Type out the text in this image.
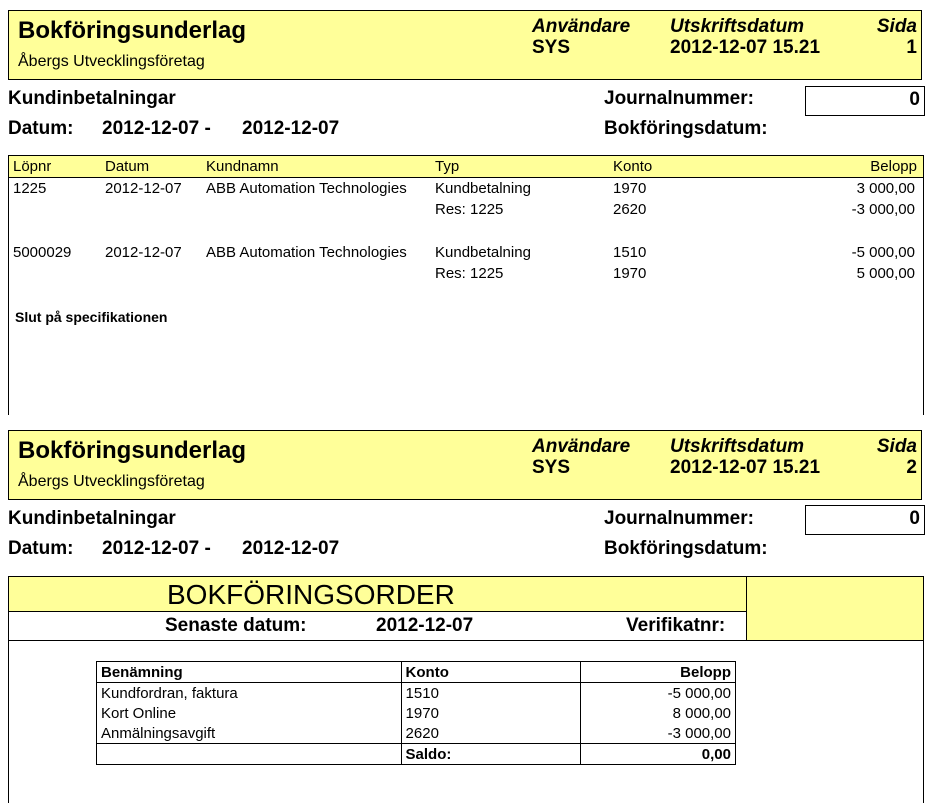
Bokföringsunderlag
Åbergs Utvecklingsföretag
Användare
SYS
Utskriftsdatum
2012-12-07 15.21
Sida
1
Kundinbetalningar	Journalnummer:	0
Datum: 2012-12-07 - 2012-12-07	Bokföringsdatum:
Löpnr	Datum	Kundnamn	Typ	Konto	Belopp
1225	2012-12-07 ABB Automation Technologies	Kundbetalning	1970	3 000,00
Res: 1225	2620	-3 000,00
5000029 2012-12-07 ABB Automation Technologies	Kundbetalning	1510	-5 000,00
Res: 1225	1970	5 000,00
Slut på specifikationen
Bokföringsunderlag
Åbergs Utvecklingsföretag
Användare
SYS
Utskriftsdatum
2012-12-07 15.21
Sida
2
Kundinbetalningar	Journalnummer:	0
Datum: 2012-12-07 - 2012-12-07	Bokföringsdatum:
BOKFÖRINGSORDER
Senaste datum:	2012-12-07	Verifikatnr:
Benämning	Konto	Belopp
Kundfordran, faktura	1510	-5 000,00
Kort Online	1970	8 000,00
Anmälningsavgift	2620	-3 000,00
	Saldo:	0,00
